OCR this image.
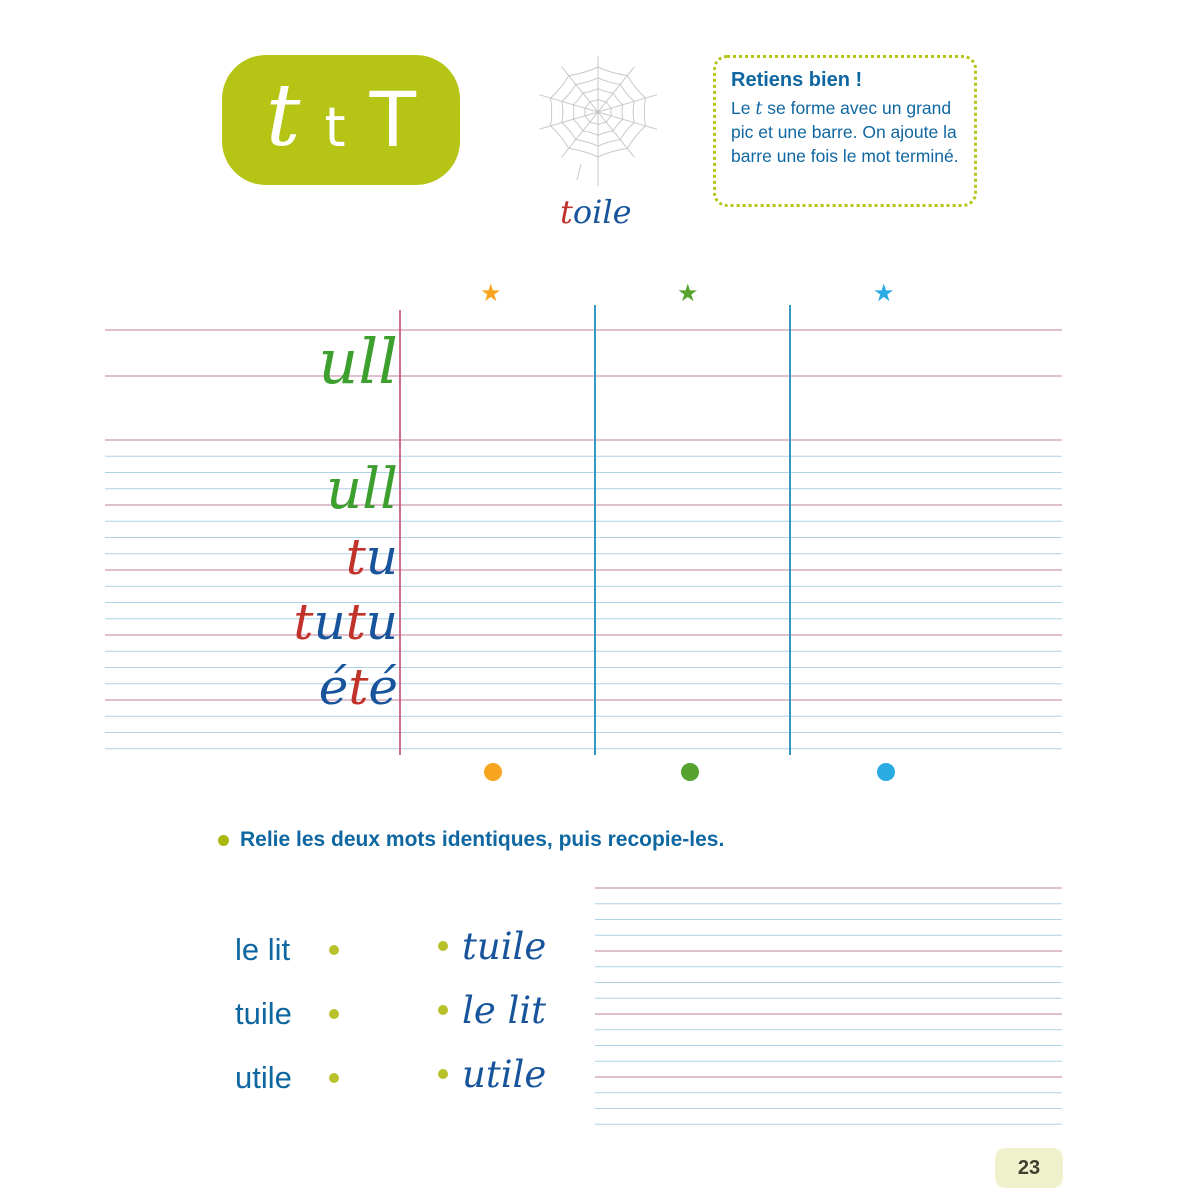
t t T
toile
Retiens bien !
Le t se forme avec un grand pic et une barre. On ajoute la barre une fois le mot terminé.
★	★	★
ull
ull
tu
tutu
été
Relie les deux mots identiques, puis recopie-les.
le lit
tuile
utile
tuile
le lit
utile
23
